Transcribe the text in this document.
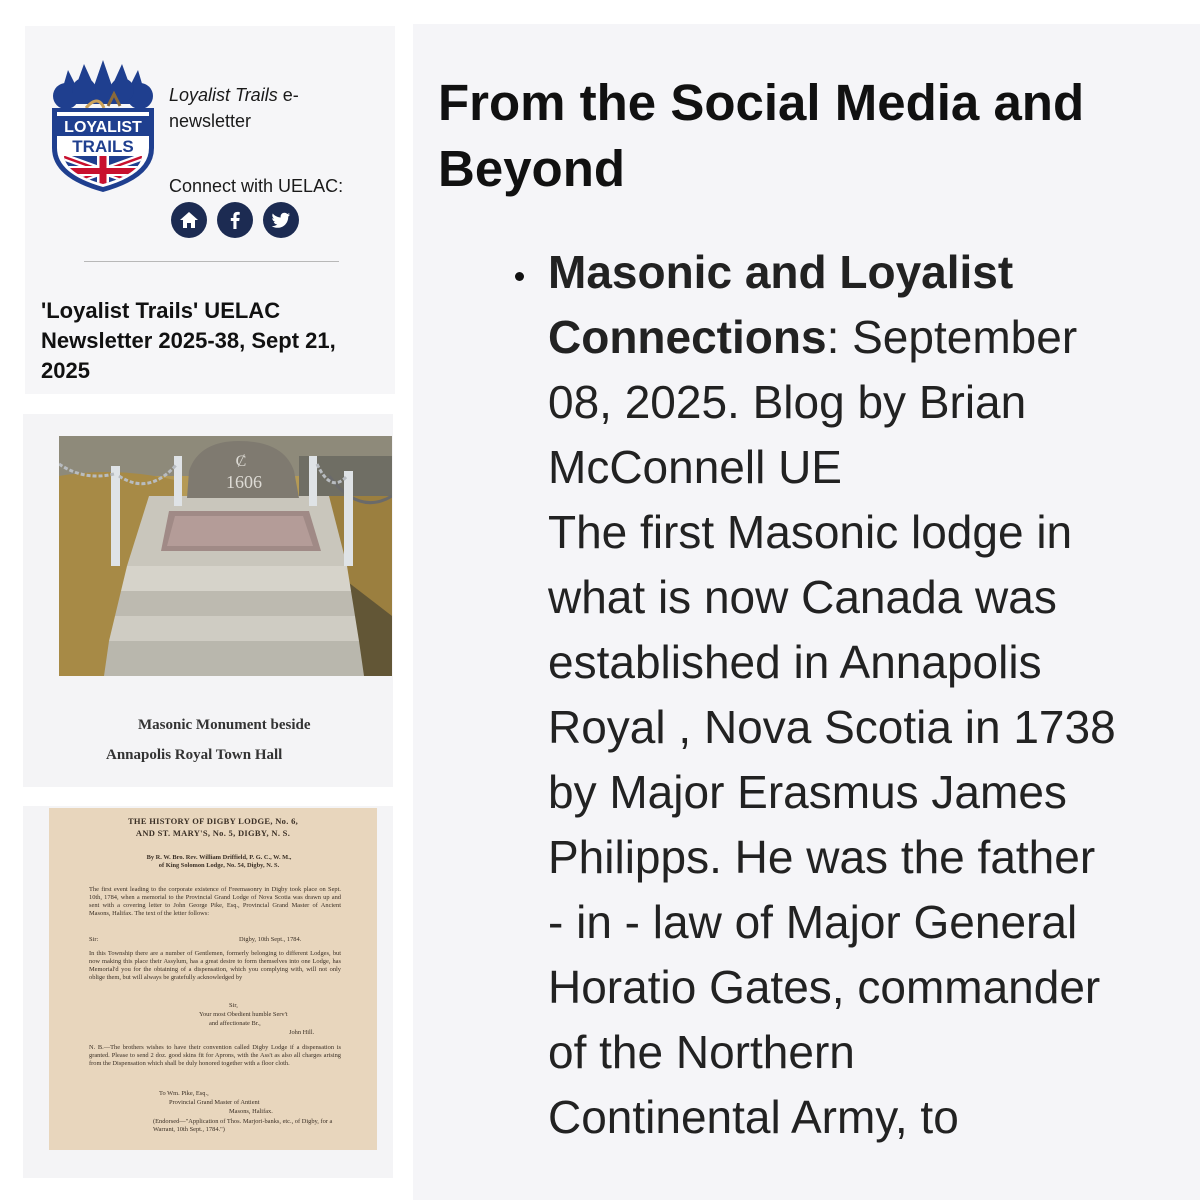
LOYALIST
TRAILS
Loyalist Trails e-
newsletter
Connect with UELAC:
'Loyalist Trails' UELAC Newsletter 2025-38, Sept 21, 2025
Ȼ
1606
Masonic Monument beside
Annapolis Royal Town Hall
THE HISTORY OF DIGBY LODGE, No. 6,
AND ST. MARY'S, No. 5, DIGBY, N. S.
By R. W. Bro. Rev. William Driffield, P. G. C., W. M.,
of King Solomon Lodge, No. 54, Digby, N. S.
The first event leading to the corporate existence of Freemasonry in Digby took place on Sept. 10th, 1784, when a memorial to the Provincial Grand Lodge of Nova Scotia was drawn up and sent with a covering letter to John George Pike, Esq., Provincial Grand Master of Ancient Masons, Halifax. The text of the letter follows:
Sir:	Digby, 10th Sept., 1784.
In this Township there are a number of Gentlemen, formerly belonging to different Lodges, but now making this place their Assylum, has a great desire to form themselves into one Lodge, has Memorial'd you for the obtaining of a dispensation, which you complying with, will not only oblige them, but will always be gratefully acknowledged by
Sir,
Your most Obedient humble Serv't
and affectionate Br.,
John Hill.
N. B.—The brothers wishes to have their convention called Digby Lodge if a dispensation is granted. Please to send 2 doz. good skins fit for Aprons, with the Ass't as also all charges arising from the Dispensation which shall be duly honored together with a floor cloth.
To Wm. Pike, Esq.,
Provincial Grand Master of Antient
Masons, Halifax.
(Endorsed—"Application of Thos. Marjori-banks, etc., of Digby, for a Warrant, 10th Sept., 1784.")
From the Social Media and
Beyond
Masonic and Loyalist
Connections: September
08, 2025. Blog by Brian
McConnell UE
The first Masonic lodge in
what is now Canada was
established in Annapolis
Royal , Nova Scotia in 1738
by Major Erasmus James
Philipps. He was the father
- in - law of Major General
Horatio Gates, commander
of the Northern
Continental Army, to
